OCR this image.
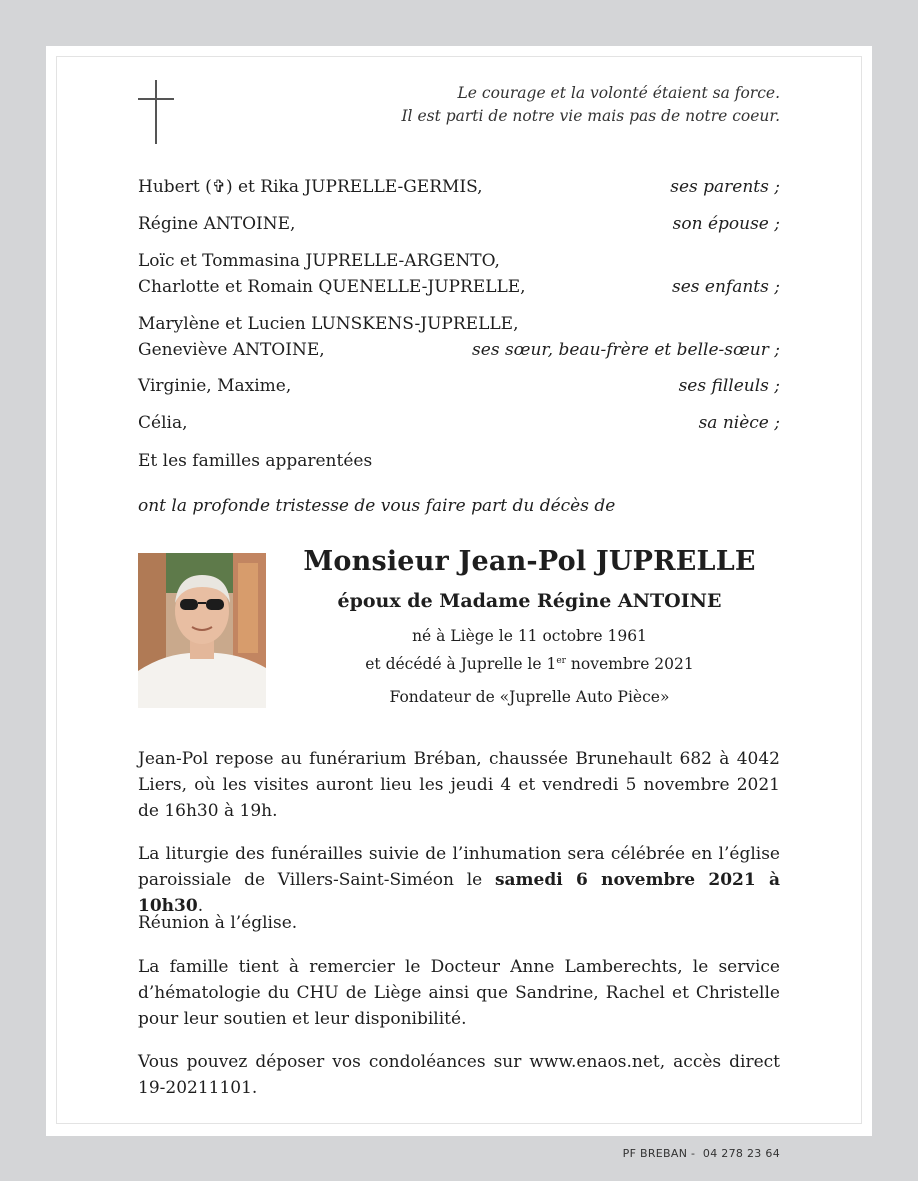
Le courage et la volonté étaient sa force.
Il est parti de notre vie mais pas de notre coeur.
Hubert (✞) et Rika JUPRELLE-GERMIS,	ses parents ;
Régine ANTOINE,	son épouse ;
Loïc et Tommasina JUPRELLE-ARGENTO,
Charlotte et Romain QUENELLE-JUPRELLE,	ses enfants ;
Marylène et Lucien LUNSKENS-JUPRELLE,
Geneviève ANTOINE,	ses sœur, beau-frère et belle-sœur ;
Virginie, Maxime,	ses filleuls ;
Célia,	sa nièce ;
Et les familles apparentées
ont la profonde tristesse de vous faire part du décès de
Monsieur Jean-Pol JUPRELLE
époux de Madame Régine ANTOINE
né à Liège le 11 octobre 1961
et décédé à Juprelle le 1er novembre 2021
Fondateur de «Juprelle Auto Pièce»
Jean-Pol repose au funérarium Bréban, chaussée Brunehault 682 à 4042 Liers, où les visites auront lieu les jeudi 4 et vendredi 5 novembre 2021 de 16h30 à 19h.
La liturgie des funérailles suivie de l’inhumation sera célébrée en l’église paroissiale de Villers-Saint-Siméon le samedi 6 novembre 2021 à 10h30.
Réunion à l’église.
La famille tient à remercier le Docteur Anne Lamberechts, le service d’hématologie du CHU de Liège ainsi que Sandrine, Rachel et Christelle pour leur soutien et leur disponibilité.
Vous pouvez déposer vos condoléances sur www.enaos.net, accès direct 19-20211101.
PF BREBAN -  04 278 23 64
